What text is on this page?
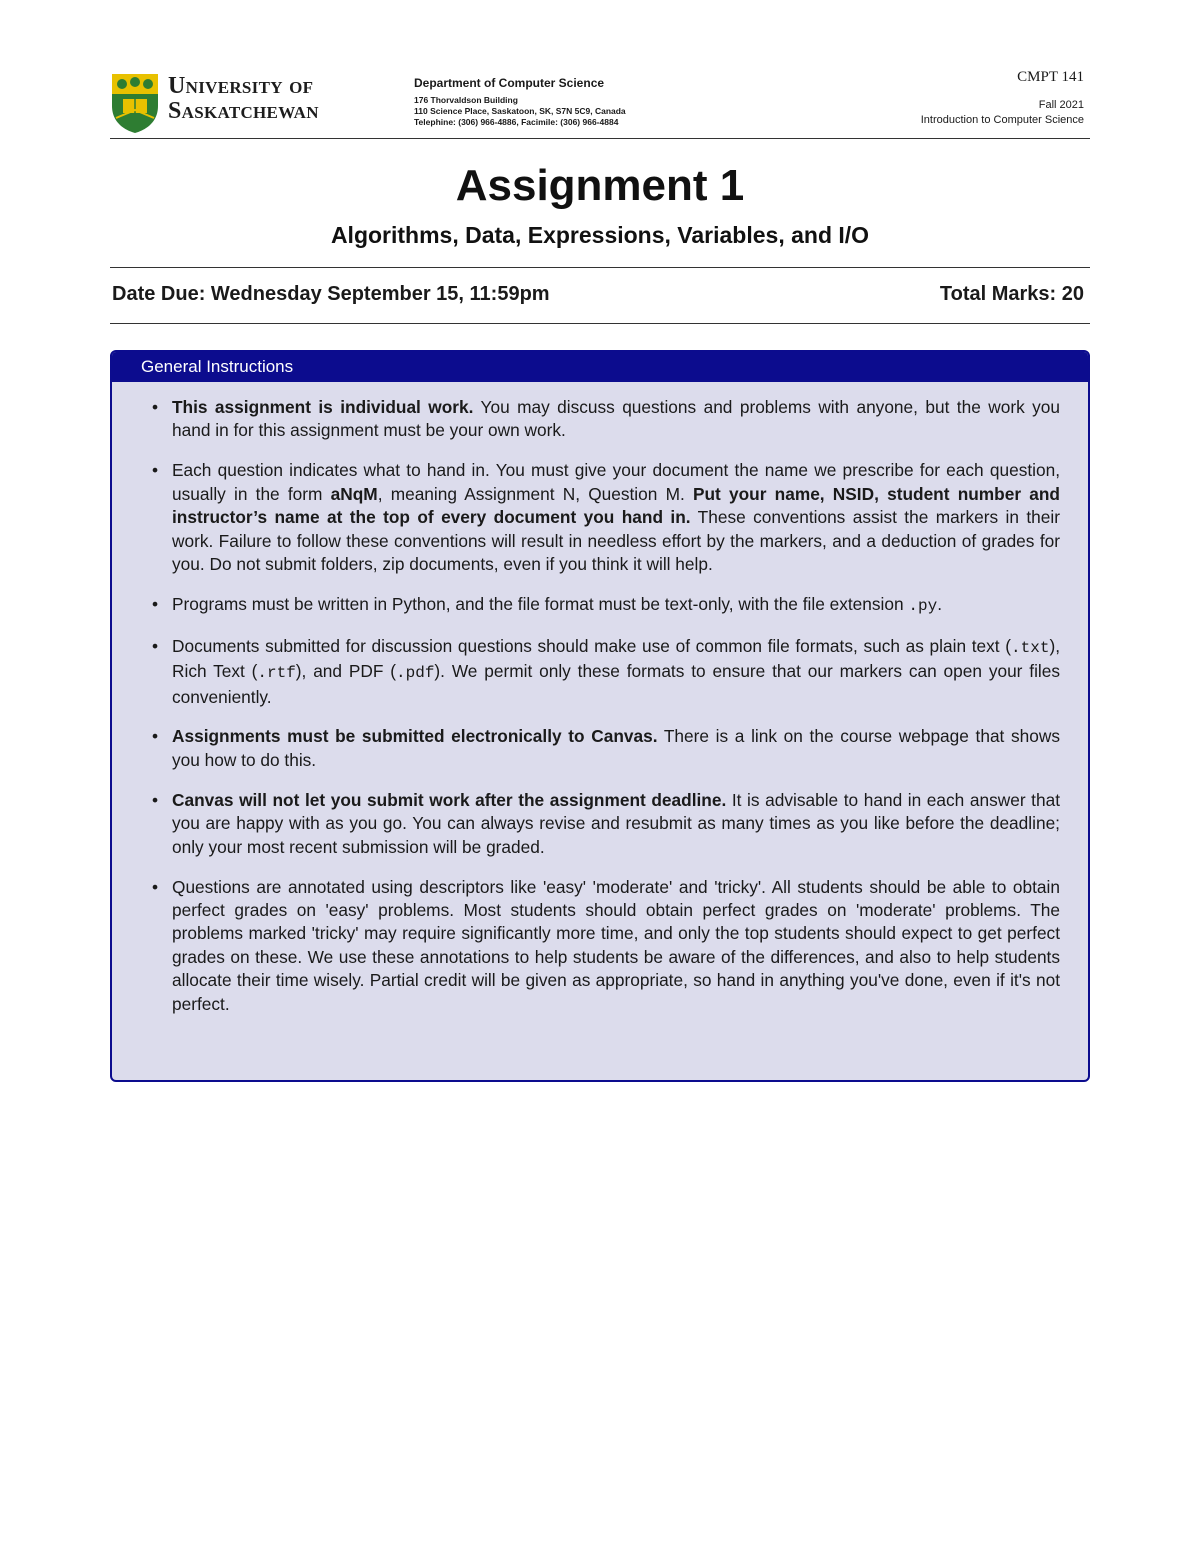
University of
Saskatchewan
Department of Computer Science
176 Thorvaldson Building
110 Science Place, Saskatoon, SK, S7N 5C9, Canada
Telephine: (306) 966-4886, Facimile: (306) 966-4884
CMPT 141
Fall 2021
Introduction to Computer Science
Assignment 1
Algorithms, Data, Expressions, Variables, and I/O
Date Due: Wednesday September 15, 11:59pm	Total Marks: 20
General Instructions
• This assignment is individual work. You may discuss questions and problems with anyone, but the work you hand in for this assignment must be your own work.
• Each question indicates what to hand in. You must give your document the name we prescribe for each question, usually in the form aNqM, meaning Assignment N, Question M. Put your name, NSID, student number and instructor’s name at the top of every document you hand in. These conventions assist the markers in their work. Failure to follow these conventions will result in needless effort by the markers, and a deduction of grades for you. Do not submit folders, zip documents, even if you think it will help.
• Programs must be written in Python, and the file format must be text-only, with the file extension .py.
• Documents submitted for discussion questions should make use of common file formats, such as plain text (.txt), Rich Text (.rtf), and PDF (.pdf). We permit only these formats to ensure that our markers can open your files conveniently.
• Assignments must be submitted electronically to Canvas. There is a link on the course webpage that shows you how to do this.
• Canvas will not let you submit work after the assignment deadline. It is advisable to hand in each answer that you are happy with as you go. You can always revise and resubmit as many times as you like before the deadline; only your most recent submission will be graded.
• Questions are annotated using descriptors like 'easy' 'moderate' and 'tricky'. All students should be able to obtain perfect grades on 'easy' problems. Most students should obtain perfect grades on 'moderate' problems. The problems marked 'tricky' may require significantly more time, and only the top students should expect to get perfect grades on these. We use these annotations to help students be aware of the differences, and also to help students allocate their time wisely. Partial credit will be given as appropriate, so hand in anything you've done, even if it's not perfect.
